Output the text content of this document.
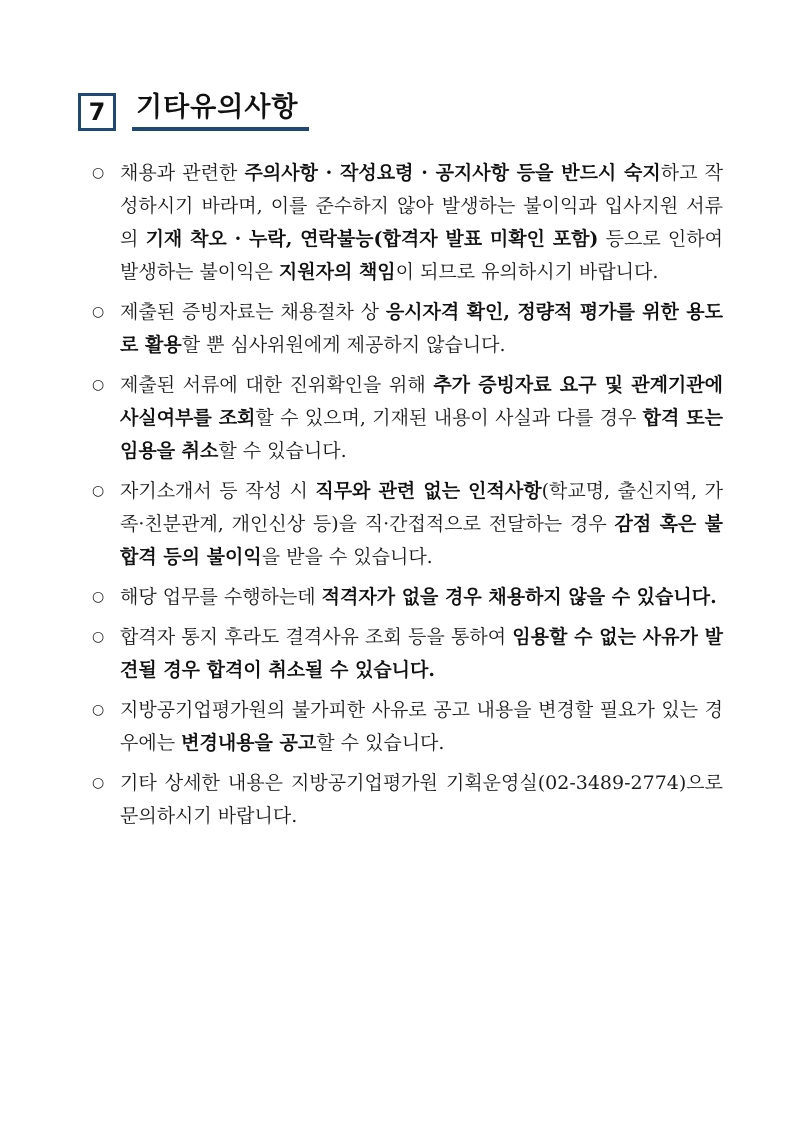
7 기타유의사항
○ 채용과 관련한 주의사항 · 작성요령 · 공지사항 등을 반드시 숙지하고 작성하시기 바라며, 이를 준수하지 않아 발생하는 불이익과 입사지원 서류의 기재 착오 · 누락, 연락불능(합격자 발표 미확인 포함) 등으로 인하여 발생하는 불이익은 지원자의 책임이 되므로 유의하시기 바랍니다.
○ 제출된 증빙자료는 채용절차 상 응시자격 확인, 정량적 평가를 위한 용도로 활용할 뿐 심사위원에게 제공하지 않습니다.
○ 제출된 서류에 대한 진위확인을 위해 추가 증빙자료 요구 및 관계기관에 사실여부를 조회할 수 있으며, 기재된 내용이 사실과 다를 경우 합격 또는 임용을 취소할 수 있습니다.
○ 자기소개서 등 작성 시 직무와 관련 없는 인적사항(학교명, 출신지역, 가족·친분관계, 개인신상 등)을 직·간접적으로 전달하는 경우 감점 혹은 불합격 등의 불이익을 받을 수 있습니다.
○ 해당 업무를 수행하는데 적격자가 없을 경우 채용하지 않을 수 있습니다.
○ 합격자 통지 후라도 결격사유 조회 등을 통하여 임용할 수 없는 사유가 발견될 경우 합격이 취소될 수 있습니다.
○ 지방공기업평가원의 불가피한 사유로 공고 내용을 변경할 필요가 있는 경우에는 변경내용을 공고할 수 있습니다.
○ 기타 상세한 내용은 지방공기업평가원 기획운영실(02-3489-2774)으로 문의하시기 바랍니다.
